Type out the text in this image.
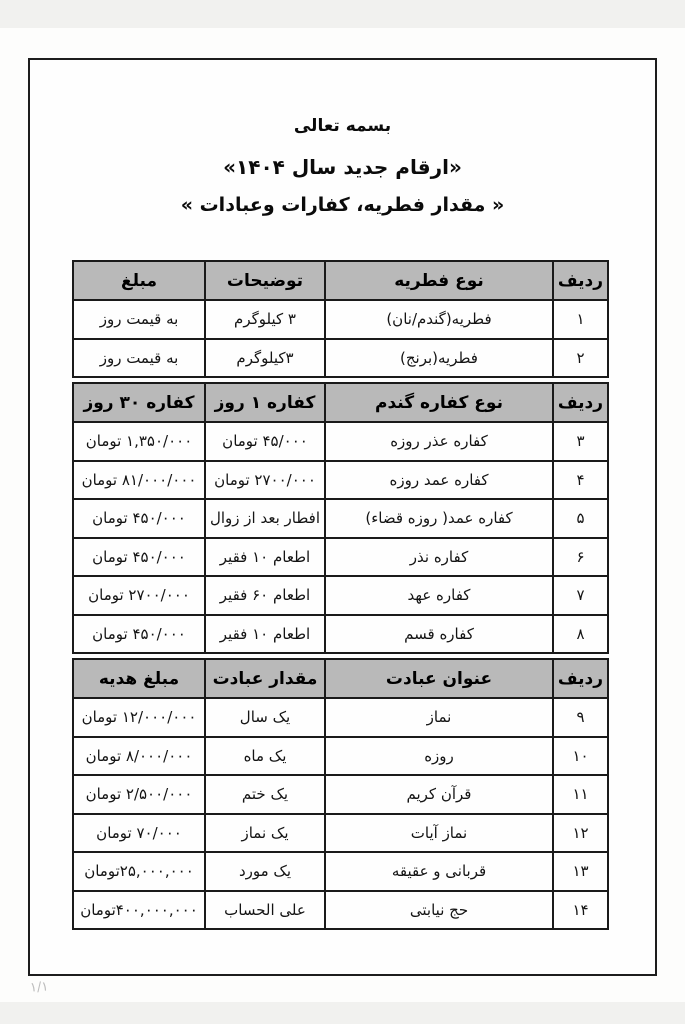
بسمه تعالی
«ارقام جدید سال ۱۴۰۴»
« مقدار فطریه، کفارات وعبادات »
ردیف	نوع فطریه	توضیحات	مبلغ
۱	فطریه(گندم/نان)	۳ کیلوگرم	به قیمت روز
۲	فطریه(برنج)	۳کیلوگرم	به قیمت روز
ردیف	نوع کفاره گندم	کفاره ۱ روز	کفاره ۳۰ روز
۳	کفاره عذر روزه	۴۵/۰۰۰ تومان	۱,۳۵۰/۰۰۰ تومان
۴	کفاره عمد روزه	۲۷۰۰/۰۰۰ تومان	۸۱/۰۰۰/۰۰۰ تومان
۵	کفاره عمد( روزه قضاء)	افطار بعد از زوال	۴۵۰/۰۰۰ تومان
۶	کفاره نذر	اطعام ۱۰ فقیر	۴۵۰/۰۰۰ تومان
۷	کفاره عهد	اطعام ۶۰ فقیر	۲۷۰۰/۰۰۰ تومان
۸	کفاره قسم	اطعام ۱۰ فقیر	۴۵۰/۰۰۰ تومان
ردیف	عنوان عبادت	مقدار عبادت	مبلغ هدیه
۹	نماز	یک سال	۱۲/۰۰۰/۰۰۰ تومان
۱۰	روزه	یک ماه	۸/۰۰۰/۰۰۰ تومان
۱۱	قرآن کریم	یک ختم	۲/۵۰۰/۰۰۰ تومان
۱۲	نماز آیات	یک نماز	۷۰/۰۰۰ تومان
۱۳	قربانی و عقیقه	یک مورد	۲۵,۰۰۰,۰۰۰تومان
۱۴	حج نیابتی	علی الحساب	۴۰۰,۰۰۰,۰۰۰تومان
۱/۱
